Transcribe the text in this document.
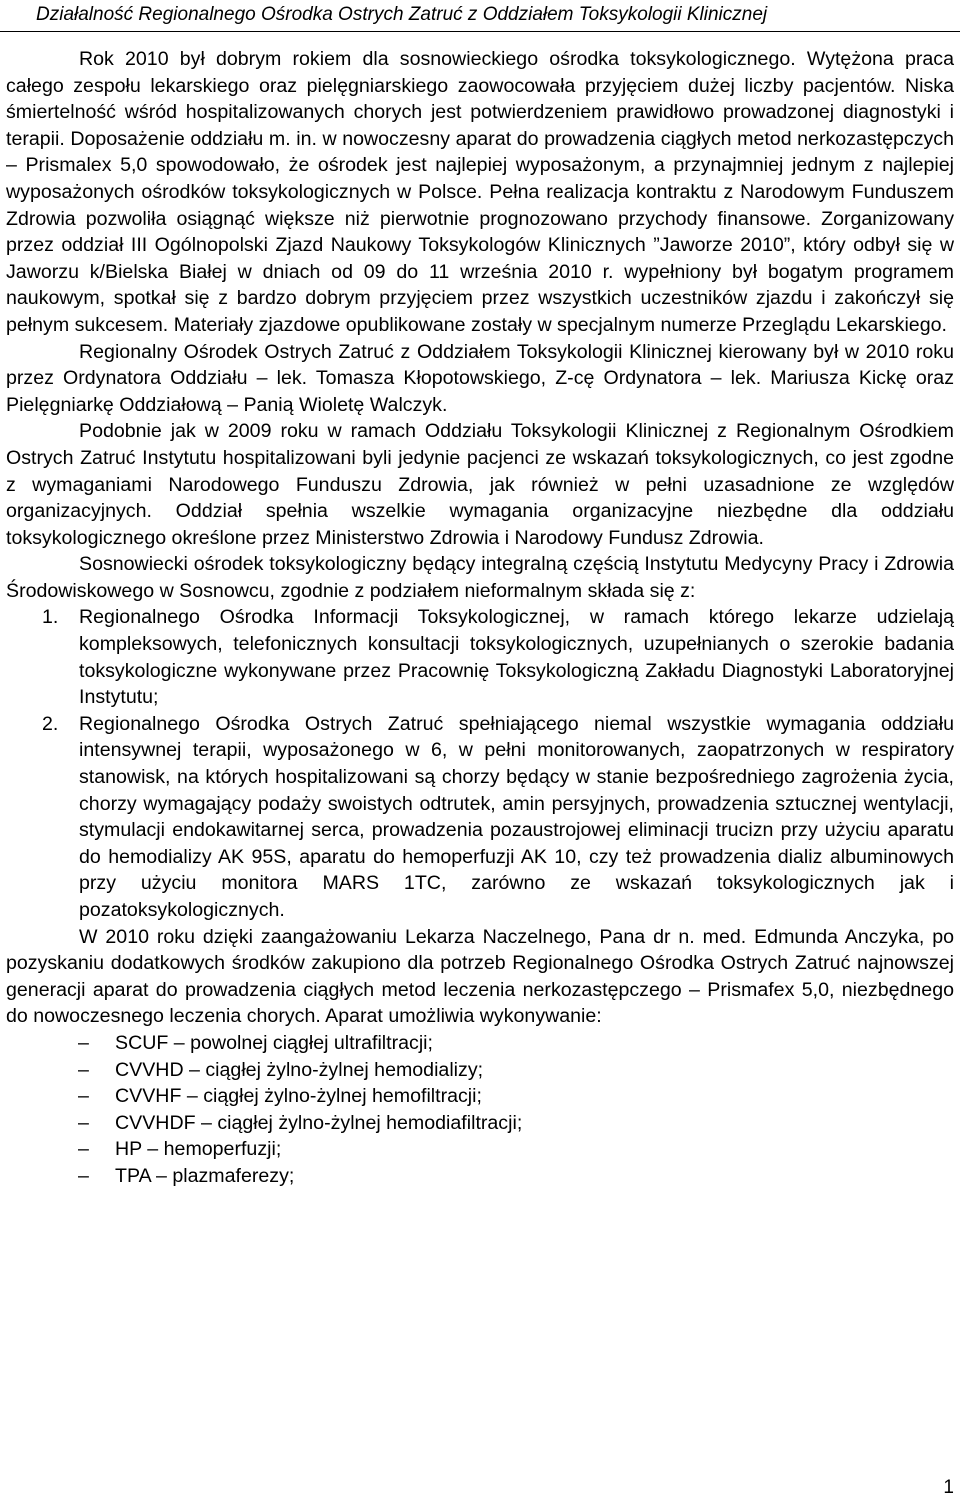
Działalność Regionalnego Ośrodka Ostrych Zatruć z Oddziałem Toksykologii Klinicznej

Rok 2010 był dobrym rokiem dla sosnowieckiego ośrodka toksykologicznego. Wytężona praca całego zespołu lekarskiego oraz pielęgniarskiego zaowocowała przyjęciem dużej liczby pacjentów. Niska śmiertelność wśród hospitalizowanych chorych jest potwierdzeniem prawidłowo prowadzonej diagnostyki i terapii. Doposażenie oddziału m. in. w nowoczesny aparat do prowadzenia ciągłych metod nerkozastępczych – Prismalex 5,0 spowodowało, że ośrodek jest najlepiej wyposażonym, a przynajmniej jednym z najlepiej wyposażonych ośrodków toksykologicznych w Polsce. Pełna realizacja kontraktu z Narodowym Funduszem Zdrowia pozwoliła osiągnąć większe niż pierwotnie prognozowano przychody finansowe. Zorganizowany przez oddział III Ogólnopolski Zjazd Naukowy Toksykologów Klinicznych ”Jaworze 2010”, który odbył się w Jaworzu k/Bielska Białej w dniach od 09 do 11 września 2010 r. wypełniony był bogatym programem naukowym, spotkał się z bardzo dobrym przyjęciem przez wszystkich uczestników zjazdu i zakończył się pełnym sukcesem. Materiały zjazdowe opublikowane zostały w specjalnym numerze Przeglądu Lekarskiego.

Regionalny Ośrodek Ostrych Zatruć z Oddziałem Toksykologii Klinicznej kierowany był w 2010 roku przez Ordynatora Oddziału – lek. Tomasza Kłopotowskiego, Z-cę Ordynatora – lek. Mariusza Kickę oraz Pielęgniarkę Oddziałową – Panią Wioletę Walczyk.

Podobnie jak w 2009 roku w ramach Oddziału Toksykologii Klinicznej z Regionalnym Ośrodkiem Ostrych Zatruć Instytutu hospitalizowani byli jedynie pacjenci ze wskazań toksykologicznych, co jest zgodne z wymaganiami Narodowego Funduszu Zdrowia, jak również w pełni uzasadnione ze względów organizacyjnych. Oddział spełnia wszelkie wymagania organizacyjne niezbędne dla oddziału toksykologicznego określone przez Ministerstwo Zdrowia i Narodowy Fundusz Zdrowia.

Sosnowiecki ośrodek toksykologiczny będący integralną częścią Instytutu Medycyny Pracy i Zdrowia Środowiskowego w Sosnowcu, zgodnie z podziałem nieformalnym składa się z:

1. Regionalnego Ośrodka Informacji Toksykologicznej, w ramach którego lekarze udzielają kompleksowych, telefonicznych konsultacji toksykologicznych, uzupełnianych o szerokie badania toksykologiczne wykonywane przez Pracownię Toksykologiczną Zakładu Diagnostyki Laboratoryjnej Instytutu;
2. Regionalnego Ośrodka Ostrych Zatruć spełniającego niemal wszystkie wymagania oddziału intensywnej terapii, wyposażonego w 6, w pełni monitorowanych, zaopatrzonych w respiratory stanowisk, na których hospitalizowani są chorzy będący w stanie bezpośredniego zagrożenia życia, chorzy wymagający podaży swoistych odtrutek, amin persyjnych, prowadzenia sztucznej wentylacji, stymulacji endokawitarnej serca, prowadzenia pozaustrojowej eliminacji trucizn przy użyciu aparatu do hemodializy AK 95S, aparatu do hemoperfuzji AK 10, czy też prowadzenia dializ albuminowych przy użyciu monitora MARS 1TC, zarówno ze wskazań toksykologicznych jak i pozatoksykologicznych.

W 2010 roku dzięki zaangażowaniu Lekarza Naczelnego, Pana dr n. med. Edmunda Anczyka, po pozyskaniu dodatkowych środków zakupiono dla potrzeb Regionalnego Ośrodka Ostrych Zatruć najnowszej generacji aparat do prowadzenia ciągłych metod leczenia nerkozastępczego – Prismafex 5,0, niezbędnego do nowoczesnego leczenia chorych. Aparat umożliwia wykonywanie:

– SCUF – powolnej ciągłej ultrafiltracji;
– CVVHD – ciągłej żylno-żylnej hemodializy;
– CVVHF – ciągłej żylno-żylnej hemofiltracji;
– CVVHDF – ciągłej żylno-żylnej hemodiafiltracji;
– HP – hemoperfuzji;
– TPA – plazmaferezy;
1
